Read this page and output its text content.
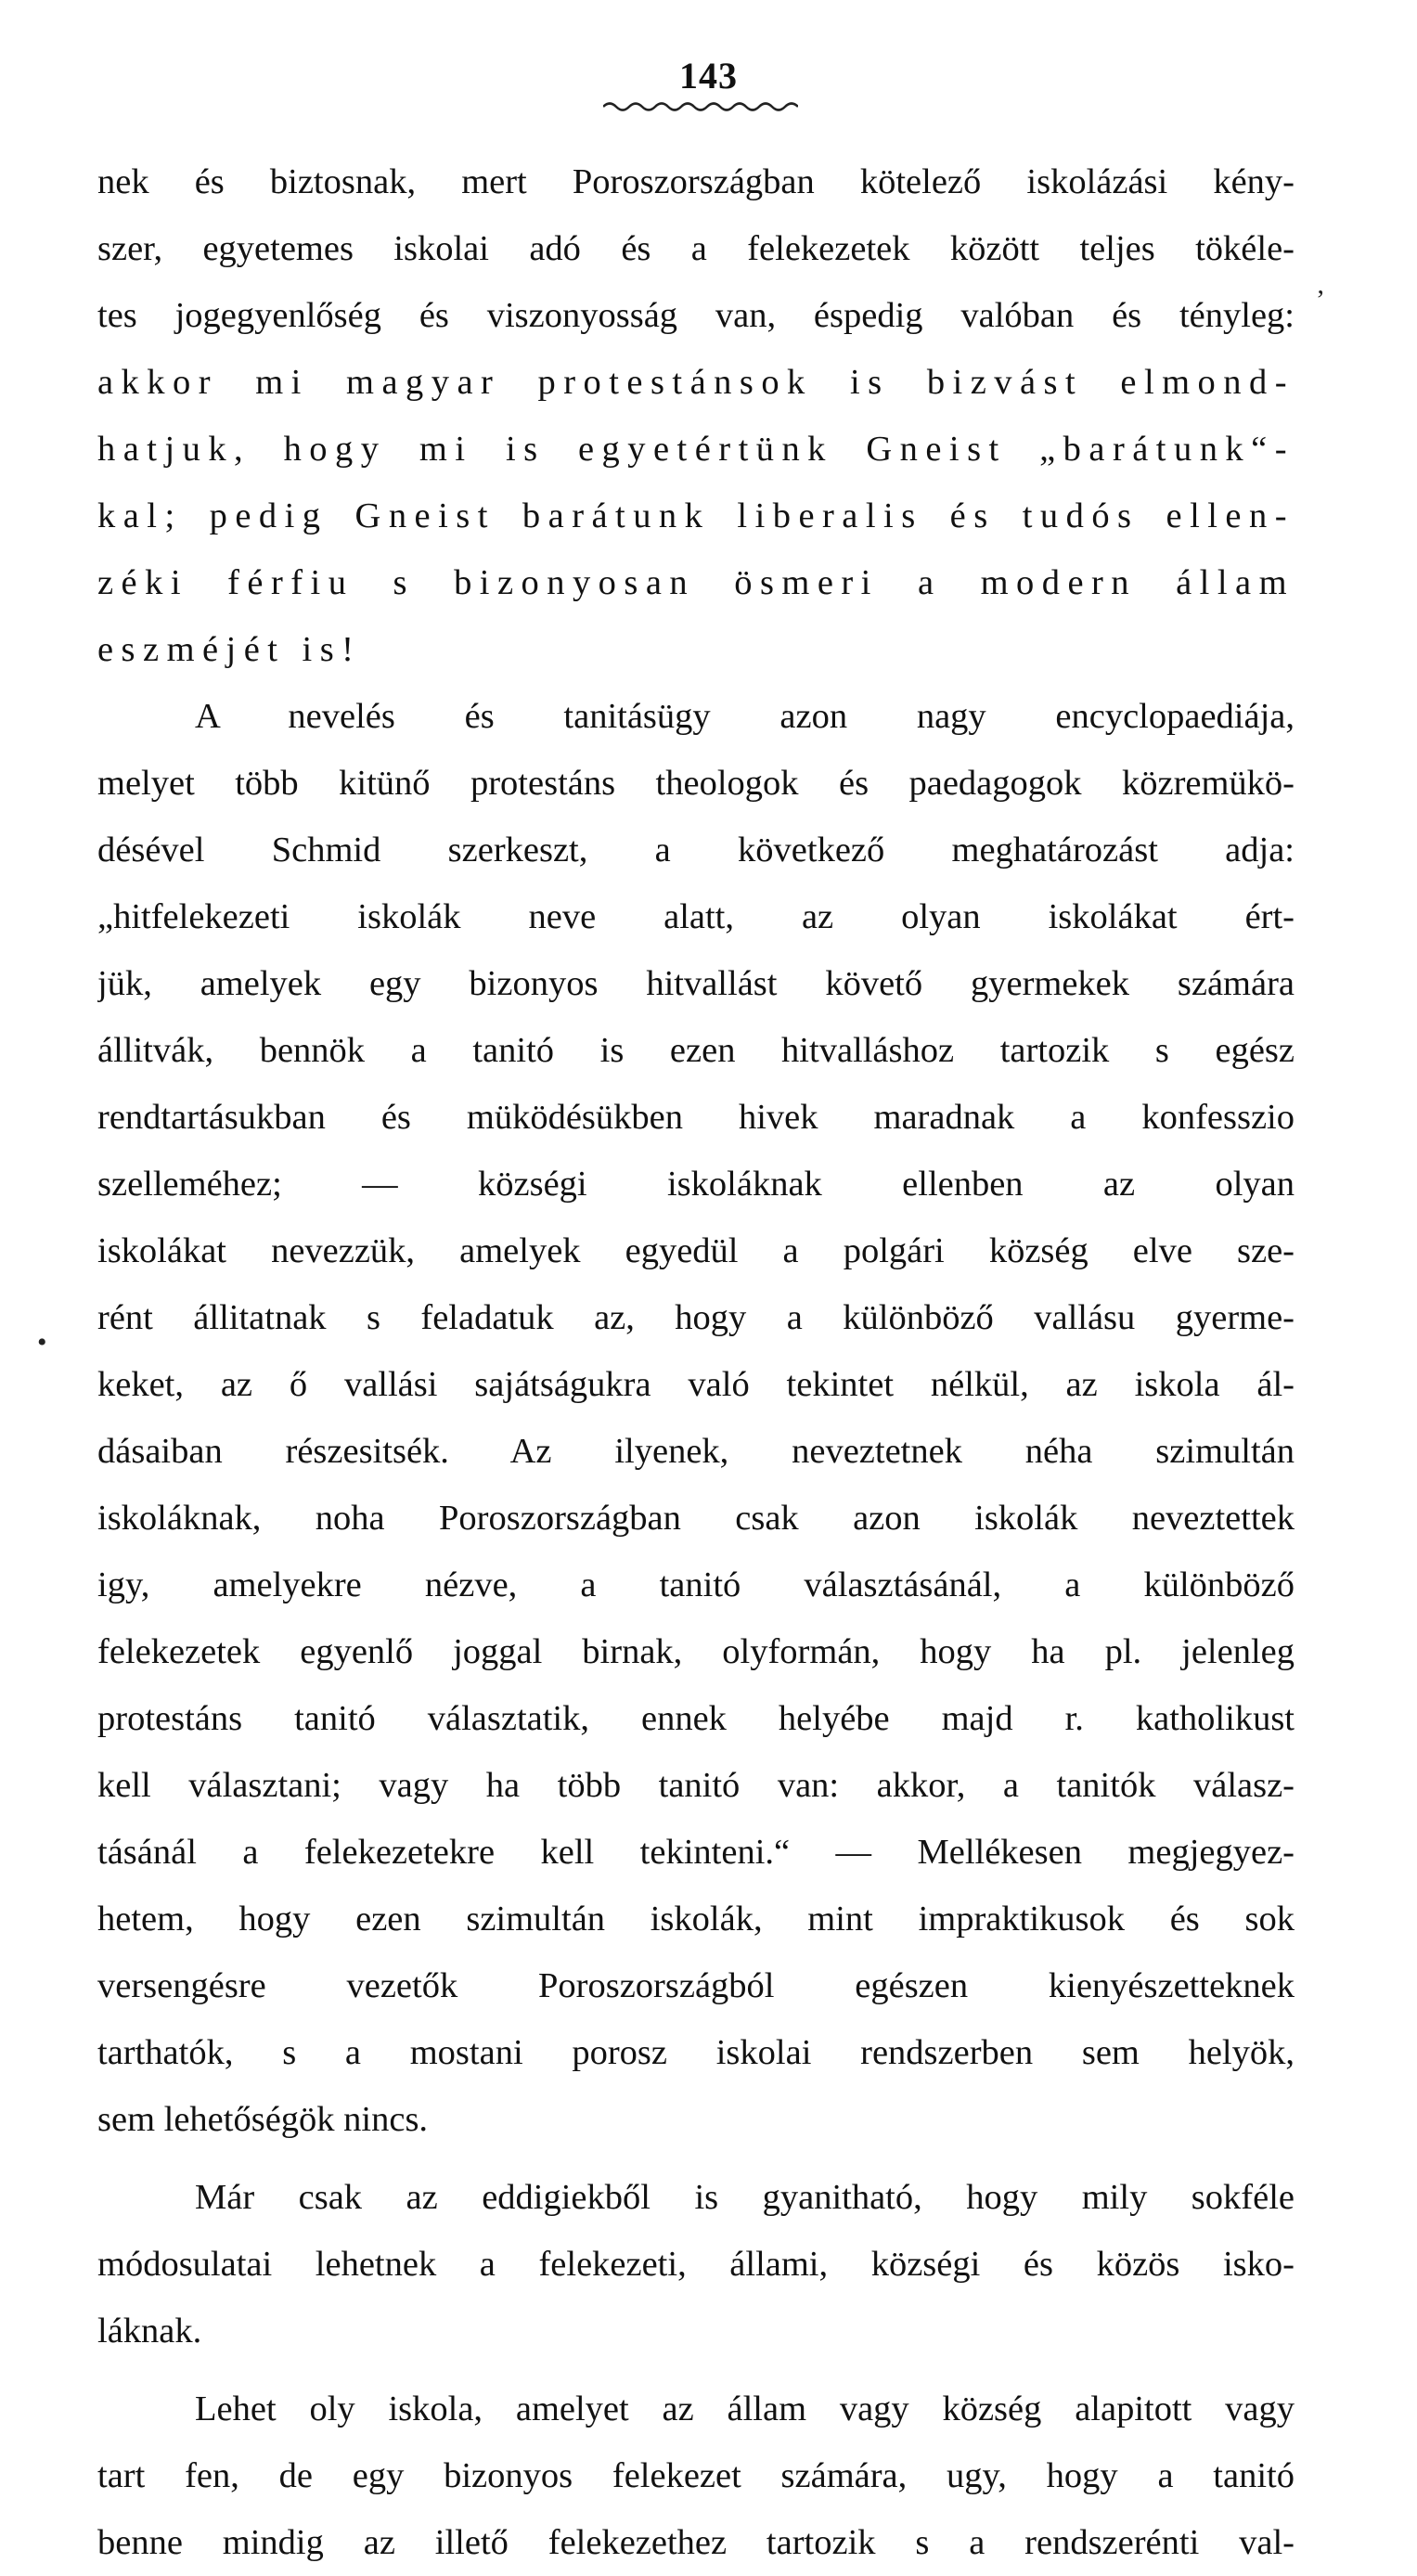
143
‚
•
nek és biztosnak, mert Poroszországban kötelező iskolázási kény-
szer, egyetemes iskolai adó és a felekezetek között teljes tökéle-
tes jogegyenlőség és viszonyosság van, éspedig valóban és tényleg:
akkor mi magyar protestánsok is bizvást elmond-
hatjuk, hogy mi is egyetértünk Gneist „barátunk“-
kal; pedig Gneist barátunk liberalis és tudós ellen-
zéki férfiu s bizonyosan ösmeri a modern állam
eszméjét is!
A nevelés és tanitásügy azon nagy encyclopaediája,
melyet több kitünő protestáns theologok és paedagogok közremükö-
désével Schmid szerkeszt, a következő meghatározást adja:
„hitfelekezeti iskolák neve alatt, az olyan iskolákat ért-
jük, amelyek egy bizonyos hitvallást követő gyermekek számára
állitvák, bennök a tanitó is ezen hitvalláshoz tartozik s egész
rendtartásukban és müködésükben hivek maradnak a konfesszio
szelleméhez; — községi iskoláknak ellenben az olyan
iskolákat nevezzük, amelyek egyedül a polgári község elve sze-
rént állitatnak s feladatuk az, hogy a különböző vallásu gyerme-
keket, az ő vallási sajátságukra való tekintet nélkül, az iskola ál-
dásaiban részesitsék. Az ilyenek, neveztetnek néha szimultán
iskoláknak, noha Poroszországban csak azon iskolák neveztettek
igy, amelyekre nézve, a tanitó választásánál, a különböző
felekezetek egyenlő joggal birnak, olyformán, hogy ha pl. jelenleg
protestáns tanitó választatik, ennek helyébe majd r. katholikust
kell választani; vagy ha több tanitó van: akkor, a tanitók válasz-
tásánál a felekezetekre kell tekinteni.“ — Mellékesen megjegyez-
hetem, hogy ezen szimultán iskolák, mint impraktikusok és sok
versengésre vezetők Poroszországból egészen kienyészetteknek
tarthatók, s a mostani porosz iskolai rendszerben sem helyök,
sem lehetőségök nincs.
Már csak az eddigiekből is gyanitható, hogy mily sokféle
módosulatai lehetnek a felekezeti, állami, községi és közös isko-
láknak.
Lehet oly iskola, amelyet az állam vagy község alapitott vagy
tart fen, de egy bizonyos felekezet számára, ugy, hogy a tanitó
benne mindig az illető felekezethez tartozik s a rendszerénti val-
